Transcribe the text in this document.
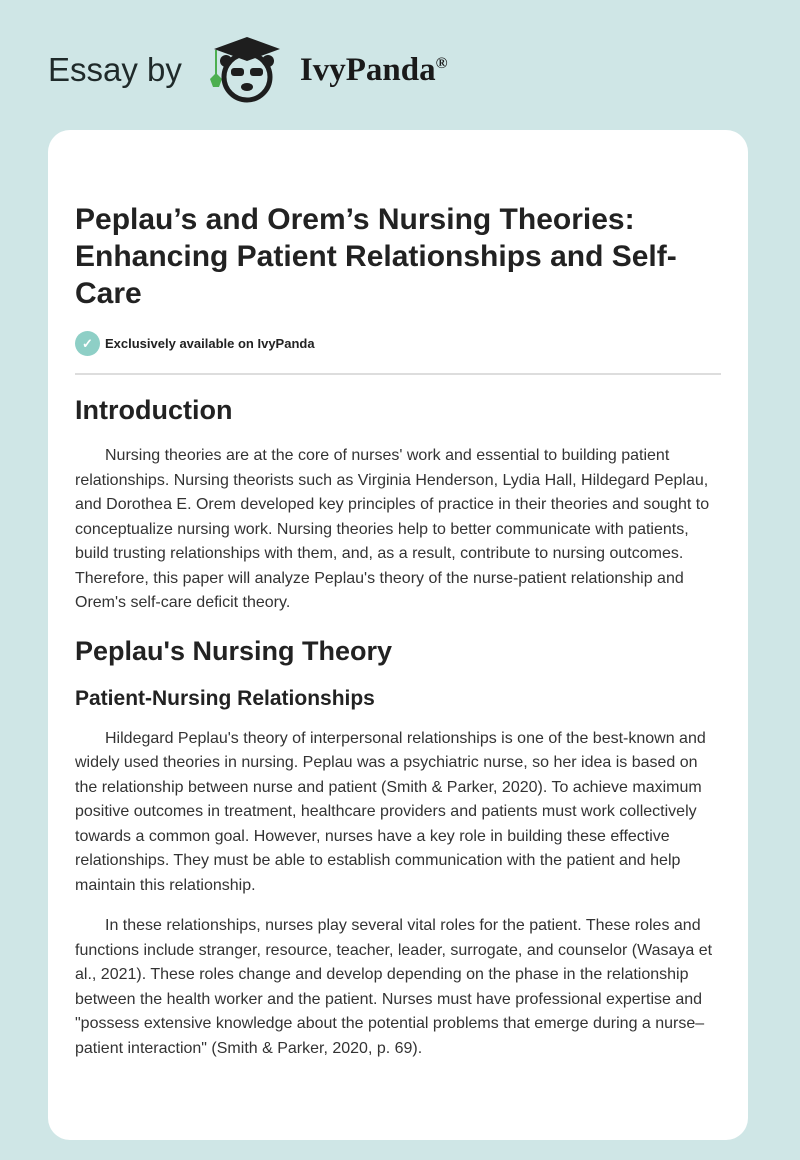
Essay by	IvyPanda®
Peplau’s and Orem’s Nursing Theories: Enhancing Patient Relationships and Self-Care
✓ Exclusively available on IvyPanda
Introduction

Nursing theories are at the core of nurses' work and essential to building patient relationships. Nursing theorists such as Virginia Henderson, Lydia Hall, Hildegard Peplau, and Dorothea E. Orem developed key principles of practice in their theories and sought to conceptualize nursing work. Nursing theories help to better communicate with patients, build trusting relationships with them, and, as a result, contribute to nursing outcomes. Therefore, this paper will analyze Peplau's theory of the nurse-patient relationship and Orem's self-care deficit theory.

Peplau's Nursing Theory
Patient-Nursing Relationships

Hildegard Peplau's theory of interpersonal relationships is one of the best-known and widely used theories in nursing. Peplau was a psychiatric nurse, so her idea is based on the relationship between nurse and patient (Smith & Parker, 2020). To achieve maximum positive outcomes in treatment, healthcare providers and patients must work collectively towards a common goal. However, nurses have a key role in building these effective relationships. They must be able to establish communication with the patient and help maintain this relationship.

In these relationships, nurses play several vital roles for the patient. These roles and functions include stranger, resource, teacher, leader, surrogate, and counselor (Wasaya et al., 2021). These roles change and develop depending on the phase in the relationship between the health worker and the patient. Nurses must have professional expertise and "possess extensive knowledge about the potential problems that emerge during a nurse–patient interaction" (Smith & Parker, 2020, p. 69).
